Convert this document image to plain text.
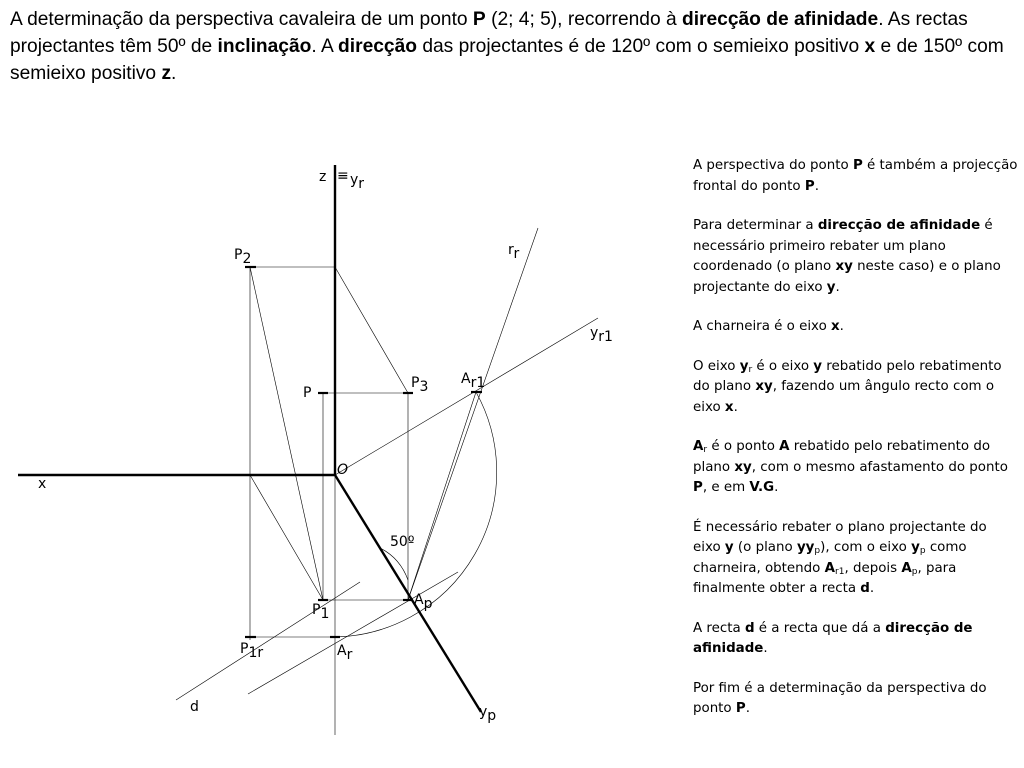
A determinação da perspectiva cavaleira de um ponto P (2; 4; 5), recorrendo à direcção de afinidade. As rectas projectantes têm 50º de inclinação. A direcção das projectantes é de 120º com o semieixo positivo x e de 150º com semieixo positivo z.

z ≡ yr
P2
rr
yr1
P
P3 Ar1
O
x
50º
P1
Ap
P1r	Ar
d	yp

A perspectiva do ponto P é também a projecção frontal do ponto P.

Para determinar a direcção de afinidade é necessário primeiro rebater um plano coordenado (o plano xy neste caso) e o plano projectante do eixo y.

A charneira é o eixo x.

O eixo $y_r$ é o eixo y rebatido pelo rebatimento do plano xy, fazendo um ângulo recto com o eixo x.

$A_r$ é o ponto A rebatido pelo rebatimento do plano xy, com o mesmo afastamento do ponto P, e em V.G.

É necessário rebater o plano projectante do eixo y (o plano $yy_p$), com o eixo $y_p$ como charneira, obtendo $A_{r1}$, depois $A_p$, para finalmente obter a recta d.

A recta d é a recta que dá a direcção de afinidade.

Por fim é a determinação da perspectiva do ponto P.
